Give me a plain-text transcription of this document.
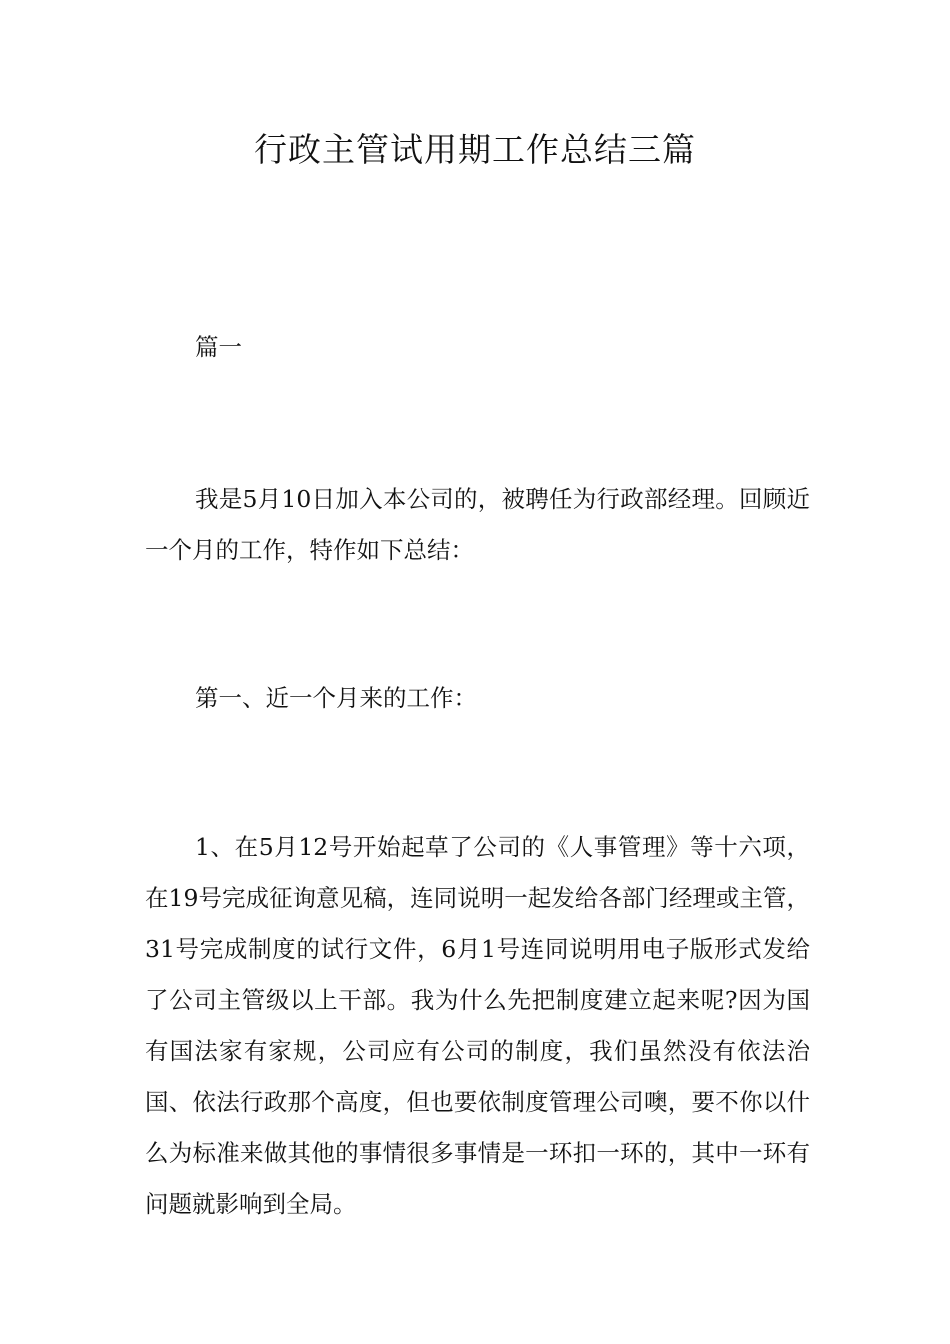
行政主管试用期工作总结三篇

篇一

我是5月10日加入本公司的，被聘任为行政部经理。回顾近一个月的工作，特作如下总结：

第一、近一个月来的工作：

1、在5月12号开始起草了公司的《人事管理》等十六项，在19号完成征询意见稿，连同说明一起发给各部门经理或主管，31号完成制度的试行文件，6月1号连同说明用电子版形式发给了公司主管级以上干部。我为什么先把制度建立起来呢?因为国有国法家有家规，公司应有公司的制度，我们虽然没有依法治国、依法行政那个高度，但也要依制度管理公司噢，要不你以什么为标准来做其他的事情很多事情是一环扣一环的，其中一环有问题就影响到全局。
